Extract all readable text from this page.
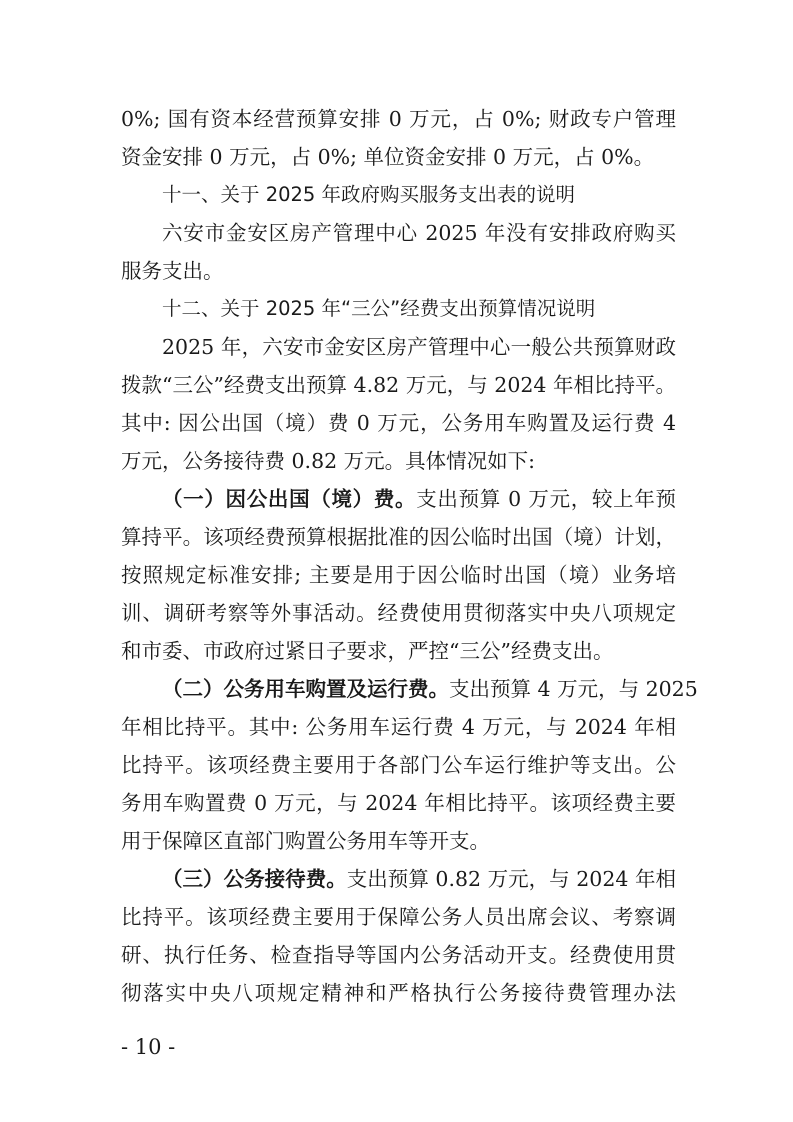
0%; 国有资本经营预算安排 0 万元，占 0%; 财政专户管理
资金安排 0 万元，占 0%; 单位资金安排 0 万元，占 0%。
十一、关于 2025 年政府购买服务支出表的说明
六安市金安区房产管理中心 2025 年没有安排政府购买
服务支出。
十二、关于 2025 年“三公”经费支出预算情况说明
2025 年，六安市金安区房产管理中心一般公共预算财政
拨款“三公”经费支出预算 4.82 万元，与 2024 年相比持平。
其中: 因公出国（境）费 0 万元，公务用车购置及运行费 4
万元，公务接待费 0.82 万元。具体情况如下:
（一）因公出国（境）费。支出预算 0 万元，较上年预
算持平。该项经费预算根据批准的因公临时出国（境）计划，
按照规定标准安排; 主要是用于因公临时出国（境）业务培
训、调研考察等外事活动。经费使用贯彻落实中央八项规定
和市委、市政府过紧日子要求，严控“三公”经费支出。
（二）公务用车购置及运行费。支出预算 4 万元，与 2025
年相比持平。其中: 公务用车运行费 4 万元，与 2024 年相
比持平。该项经费主要用于各部门公车运行维护等支出。公
务用车购置费 0 万元，与 2024 年相比持平。该项经费主要
用于保障区直部门购置公务用车等开支。
（三）公务接待费。支出预算 0.82 万元，与 2024 年相
比持平。该项经费主要用于保障公务人员出席会议、考察调
研、执行任务、检查指导等国内公务活动开支。经费使用贯
彻落实中央八项规定精神和严格执行公务接待费管理办法
- 10 -
